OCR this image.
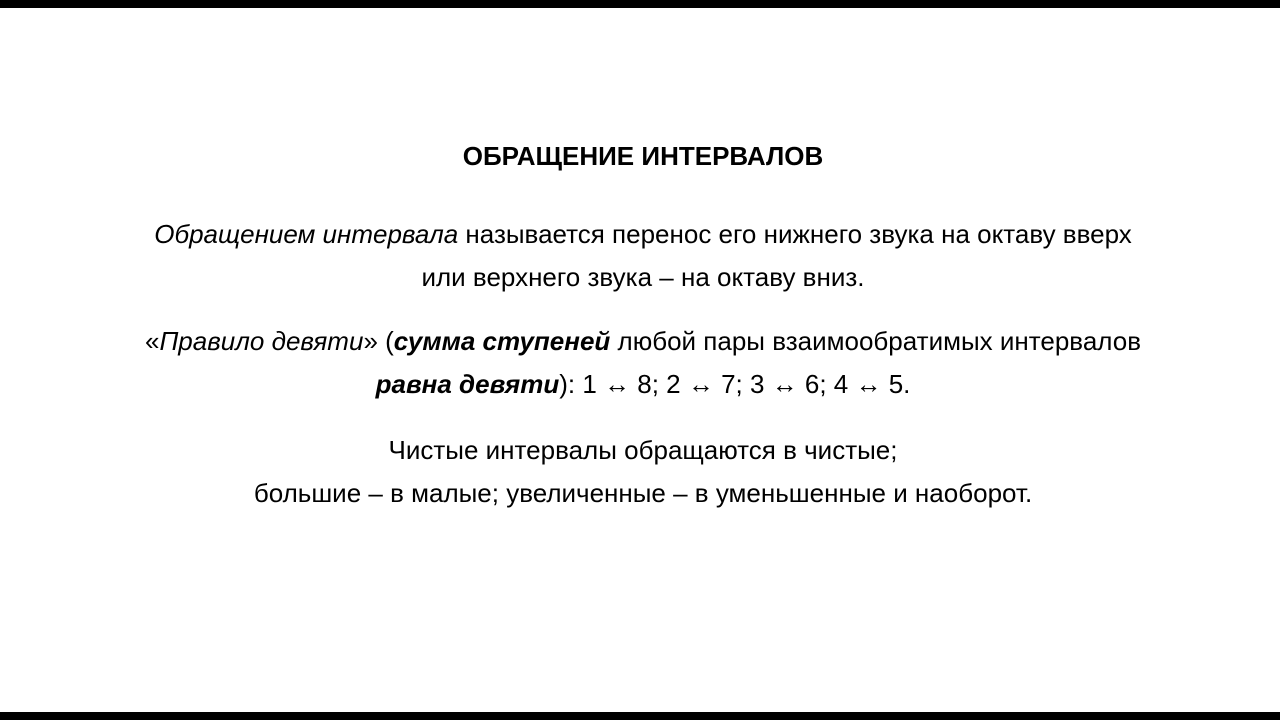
ОБРАЩЕНИЕ ИНТЕРВАЛОВ
Обращением интервала называется перенос его нижнего звука на октаву вверх
или верхнего звука – на октаву вниз.
«Правило девяти» (сумма ступеней любой пары взаимообратимых интервалов
равна девяти): 1 ↔ 8; 2 ↔ 7; 3 ↔ 6; 4 ↔ 5.
Чистые интервалы обращаются в чистые;
большие – в малые; увеличенные – в уменьшенные и наоборот.
